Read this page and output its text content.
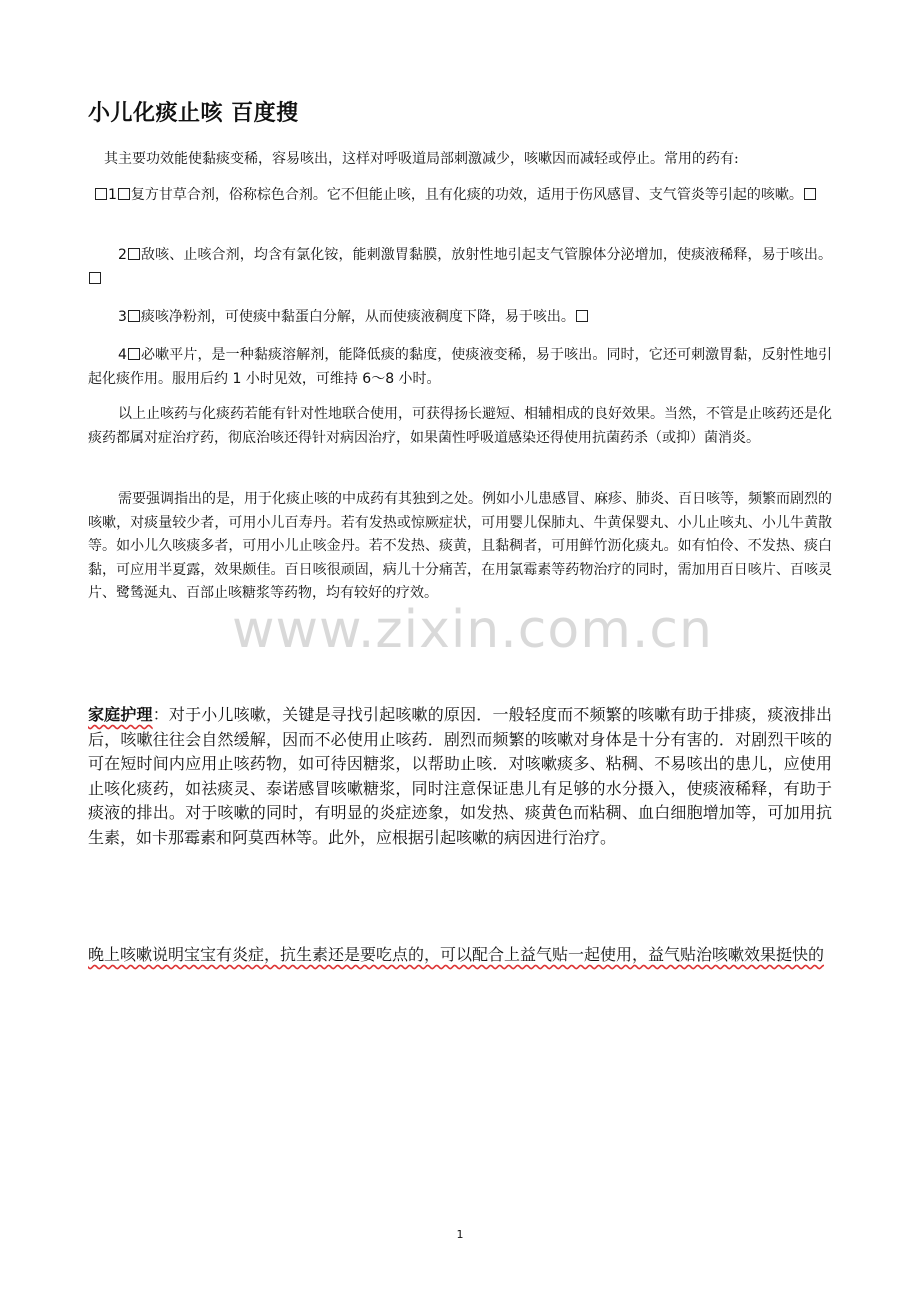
小儿化痰止咳 百度搜

其主要功效能使黏痰变稀，容易咳出，这样对呼吸道局部刺激减少，咳嗽因而减轻或停止。常用的药有:

1 复方甘草合剂，俗称棕色合剂。它不但能止咳，且有化痰的功效，适用于伤风感冒、支气管炎等引起的咳嗽。

2 敌咳、止咳合剂，均含有氯化铵，能刺激胃黏膜，放射性地引起支气管腺体分泌增加，使痰液稀释，易于咳出。

3 痰咳净粉剂，可使痰中黏蛋白分解，从而使痰液稠度下降，易于咳出。

4 必嗽平片，是一种黏痰溶解剂，能降低痰的黏度，使痰液变稀，易于咳出。同时，它还可刺激胃黏，反射性地引起化痰作用。服用后约 1 小时见效，可维持 6～8 小时。

以上止咳药与化痰药若能有针对性地联合使用，可获得扬长避短、相辅相成的良好效果。当然，不管是止咳药还是化痰药都属对症治疗药，彻底治咳还得针对病因治疗，如果菌性呼吸道感染还得使用抗菌药杀（或抑）菌消炎。

需要强调指出的是，用于化痰止咳的中成药有其独到之处。例如小儿患感冒、麻疹、肺炎、百日咳等，频繁而剧烈的咳嗽，对痰量较少者，可用小儿百寿丹。若有发热或惊厥症状，可用婴儿保肺丸、牛黄保婴丸、小儿止咳丸、小儿牛黄散等。如小儿久咳痰多者，可用小儿止咳金丹。若不发热、痰黄，且黏稠者，可用鲜竹沥化痰丸。如有怕伶、不发热、痰白黏，可应用半夏露，效果颇佳。百日咳很顽固，病儿十分痛苦，在用氯霉素等药物治疗的同时，需加用百日咳片、百咳灵片、鹭鸶涎丸、百部止咳糖浆等药物，均有较好的疗效。

www.zixin.com.cn

家庭护理：对于小儿咳嗽，关键是寻找引起咳嗽的原因．一般轻度而不频繁的咳嗽有助于排痰，痰液排出后，咳嗽往往会自然缓解，因而不必使用止咳药．剧烈而频繁的咳嗽对身体是十分有害的．对剧烈干咳的可在短时间内应用止咳药物，如可待因糖浆，以帮助止咳．对咳嗽痰多、粘稠、不易咳出的患儿，应使用止咳化痰药，如祛痰灵、泰诺感冒咳嗽糖浆，同时注意保证患儿有足够的水分摄入，使痰液稀释，有助于痰液的排出。对于咳嗽的同时，有明显的炎症迹象，如发热、痰黄色而粘稠、血白细胞增加等，可加用抗生素，如卡那霉素和阿莫西林等。此外，应根据引起咳嗽的病因进行治疗。

晚上咳嗽说明宝宝有炎症，抗生素还是要吃点的，可以配合上益气贴一起使用，益气贴治咳嗽效果挺快的

1
